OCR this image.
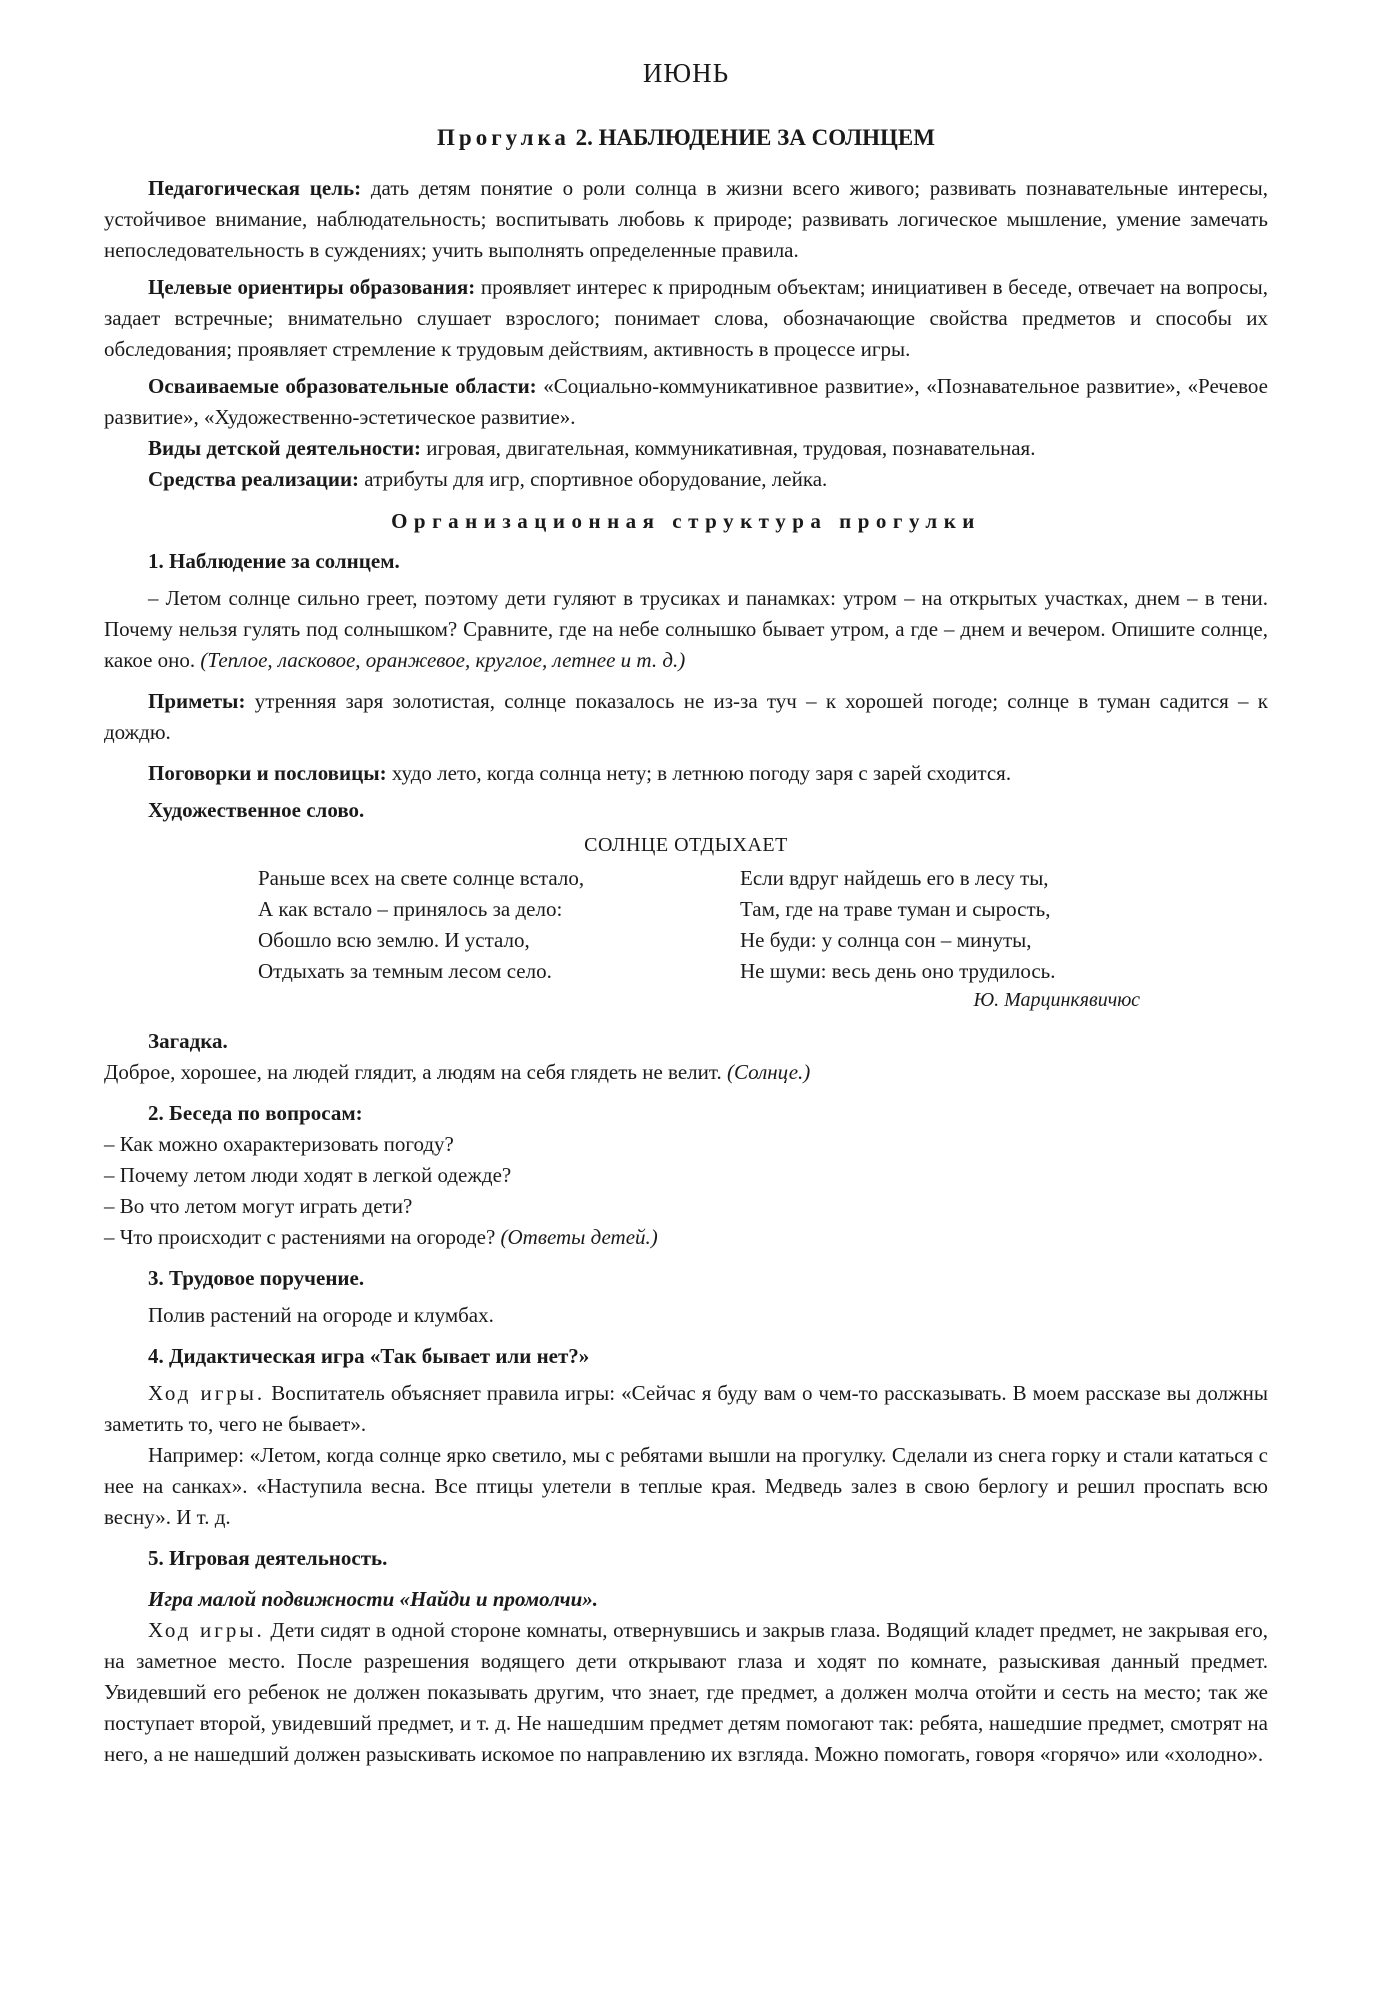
ИЮНЬ
Прогулка 2. НАБЛЮДЕНИЕ ЗА СОЛНЦЕМ

Педагогическая цель: дать детям понятие о роли солнца в жизни всего живого; развивать познавательные интересы, устойчивое внимание, наблюдательность; воспитывать любовь к природе; развивать логическое мышление, умение замечать непоследовательность в суждениях; учить выполнять определенные правила.

Целевые ориентиры образования: проявляет интерес к природным объектам; инициативен в беседе, отвечает на вопросы, задает встречные; внимательно слушает взрослого; понимает слова, обозначающие свойства предметов и способы их обследования; проявляет стремление к трудовым действиям, активность в процессе игры.

Осваиваемые образовательные области: «Социально-коммуникативное развитие», «Познавательное развитие», «Речевое развитие», «Художественно-эстетическое развитие».

Виды детской деятельности: игровая, двигательная, коммуникативная, трудовая, познавательная.

Средства реализации: атрибуты для игр, спортивное оборудование, лейка.

Организационная структура прогулки

1. Наблюдение за солнцем.

– Летом солнце сильно греет, поэтому дети гуляют в трусиках и панамках: утром – на открытых участках, днем – в тени. Почему нельзя гулять под солнышком? Сравните, где на небе солнышко бывает утром, а где – днем и вечером. Опишите солнце, какое оно. (Теплое, ласковое, оранжевое, круглое, летнее и т. д.)

Приметы: утренняя заря золотистая, солнце показалось не из-за туч – к хорошей погоде; солнце в туман садится – к дождю.

Поговорки и пословицы: худо лето, когда солнца нету; в летнюю погоду заря с зарей сходится.

Художественное слово.

СОЛНЦЕ ОТДЫХАЕТ
Раньше всех на свете солнце встало,
А как встало – принялось за дело:
Обошло всю землю. И устало,
Отдыхать за темным лесом село.
Если вдруг найдешь его в лесу ты,
Там, где на траве туман и сырость,
Не буди: у солнца сон – минуты,
Не шуми: весь день оно трудилось.
Ю. Марцинкявичюс

Загадка.

Доброе, хорошее, на людей глядит, а людям на себя глядеть не велит. (Солнце.)

2. Беседа по вопросам:

– Как можно охарактеризовать погоду?

– Почему летом люди ходят в легкой одежде?

– Во что летом могут играть дети?

– Что происходит с растениями на огороде? (Ответы детей.)

3. Трудовое поручение.

Полив растений на огороде и клумбах.

4. Дидактическая игра «Так бывает или нет?»

Ход игры. Воспитатель объясняет правила игры: «Сейчас я буду вам о чем-то рассказывать. В моем рассказе вы должны заметить то, чего не бывает».

Например: «Летом, когда солнце ярко светило, мы с ребятами вышли на прогулку. Сделали из снега горку и стали кататься с нее на санках». «Наступила весна. Все птицы улетели в теплые края. Медведь залез в свою берлогу и решил проспать всю весну». И т. д.

5. Игровая деятельность.

Игра малой подвижности «Найди и промолчи».

Ход игры. Дети сидят в одной стороне комнаты, отвернувшись и закрыв глаза. Водящий кладет предмет, не закрывая его, на заметное место. После разрешения водящего дети открывают глаза и ходят по комнате, разыскивая данный предмет. Увидевший его ребенок не должен показывать другим, что знает, где предмет, а должен молча отойти и сесть на место; так же поступает второй, увидевший предмет, и т. д. Не нашедшим предмет детям помогают так: ребята, нашедшие предмет, смотрят на него, а не нашедший должен разыскивать искомое по направлению их взгляда. Можно помогать, говоря «горячо» или «холодно».
